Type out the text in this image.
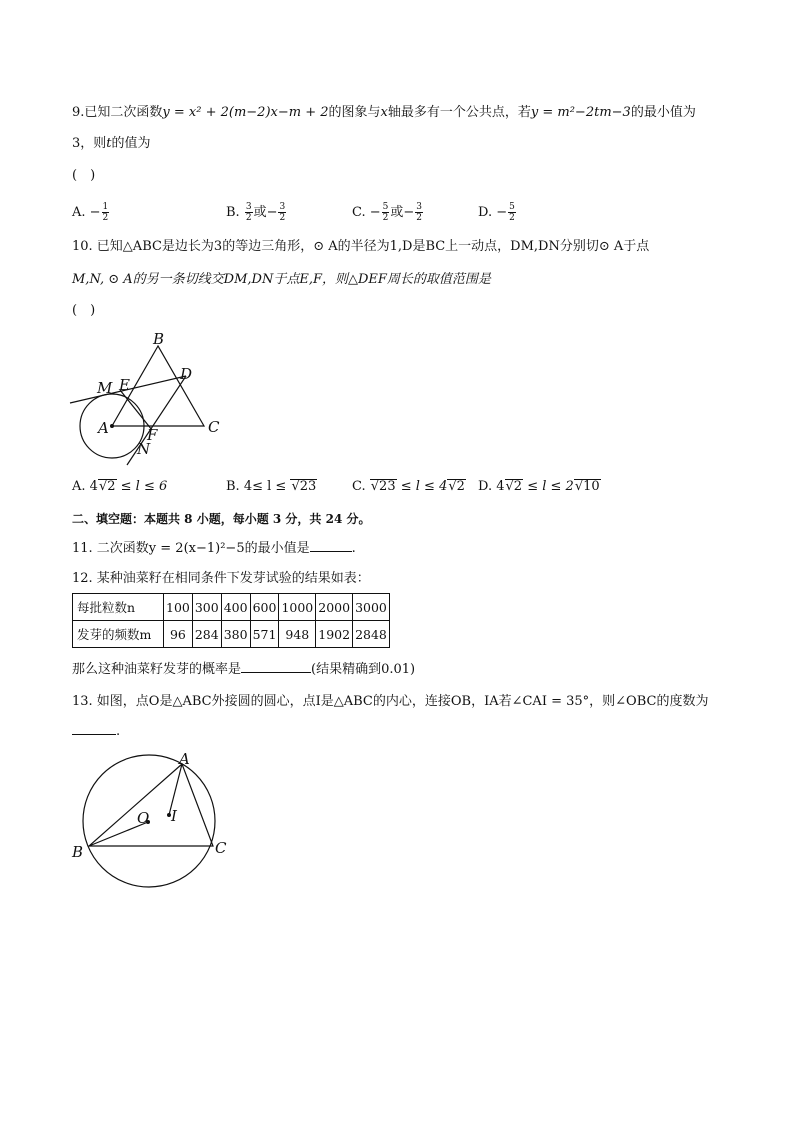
9.已知二次函数y = x² + 2(m−2)x−m + 2的图象与x轴最多有一个公共点，若y = m²−2tm−3的最小值为
3，则t的值为
(　)
A. − $\frac{1}{2}$	B. $\frac{3}{2}$ 或− $\frac{3}{2}$	C. − $\frac{5}{2}$ 或− $\frac{3}{2}$	D. − $\frac{5}{2}$
10. 已知△ABC是边长为3的等边三角形，⊙ A的半径为1,D是BC上一动点，DM,DN分别切⊙ A于点
M,N, ⊙ A的另一条切线交DM,DN于点E,F，则△DEF周长的取值范围是
(　)
B
D
M E
A	F	C
N
A. 4√2 ≤ l ≤ 6	B. 4≤ l ≤ √23	C. √23 ≤ l ≤ 4√2 D. 4√2 ≤ l ≤ 2√10
二、填空题：本题共 8 小题，每小题 3 分，共 24 分。
11. 二次函数y = 2(x−1)²−5的最小值是	.
12. 某种油菜籽在相同条件下发芽试验的结果如表：
每批粒数n	100	300	400	600	1000	2000	3000
发芽的频数m	96	284	380	571	948	1902	2848
那么这种油菜籽发芽的概率是	(结果精确到0.01)
13. 如图，点O是△ABC外接圆的圆心，点I是△ABC的内心，连接OB，IA若∠CAI = 35°，则∠OBC的度数为
.
A
O I
B	C
